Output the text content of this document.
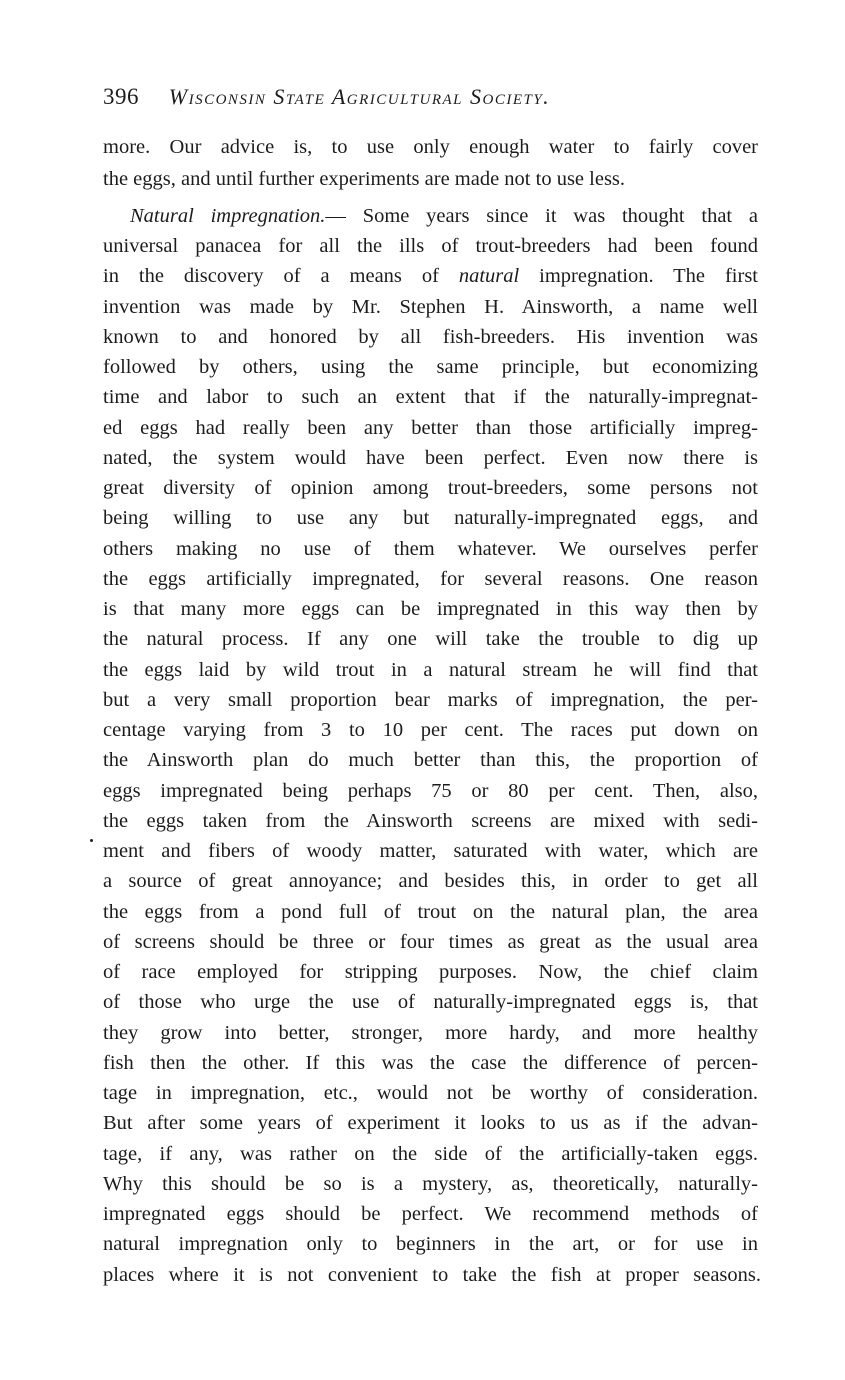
396 Wisconsin State Agricultural Society.
more. Our advice is, to use only enough water to fairly cover
the eggs, and until further experiments are made not to use less.
Natural impregnation.— Some years since it was thought that a
universal panacea for all the ills of trout-breeders had been found
in the discovery of a means of natural impregnation. The first
invention was made by Mr. Stephen H. Ainsworth, a name well
known to and honored by all fish-breeders. His invention was
followed by others, using the same principle, but economizing
time and labor to such an extent that if the naturally-impregnat-
ed eggs had really been any better than those artificially impreg-
nated, the system would have been perfect. Even now there is
great diversity of opinion among trout-breeders, some persons not
being willing to use any but naturally-impregnated eggs, and
others making no use of them whatever. We ourselves perfer
the eggs artificially impregnated, for several reasons. One reason
is that many more eggs can be impregnated in this way then by
the natural process. If any one will take the trouble to dig up
the eggs laid by wild trout in a natural stream he will find that
but a very small proportion bear marks of impregnation, the per-
centage varying from 3 to 10 per cent. The races put down on
the Ainsworth plan do much better than this, the proportion of
eggs impregnated being perhaps 75 or 80 per cent. Then, also,
the eggs taken from the Ainsworth screens are mixed with sedi-
ment and fibers of woody matter, saturated with water, which are
a source of great annoyance; and besides this, in order to get all
the eggs from a pond full of trout on the natural plan, the area
of screens should be three or four times as great as the usual area
of race employed for stripping purposes. Now, the chief claim
of those who urge the use of naturally-impregnated eggs is, that
they grow into better, stronger, more hardy, and more healthy
fish then the other. If this was the case the difference of percen-
tage in impregnation, etc., would not be worthy of consideration.
But after some years of experiment it looks to us as if the advan-
tage, if any, was rather on the side of the artificially-taken eggs.
Why this should be so is a mystery, as, theoretically, naturally-
impregnated eggs should be perfect. We recommend methods of
natural impregnation only to beginners in the art, or for use in
places where it is not convenient to take the fish at proper seasons.
